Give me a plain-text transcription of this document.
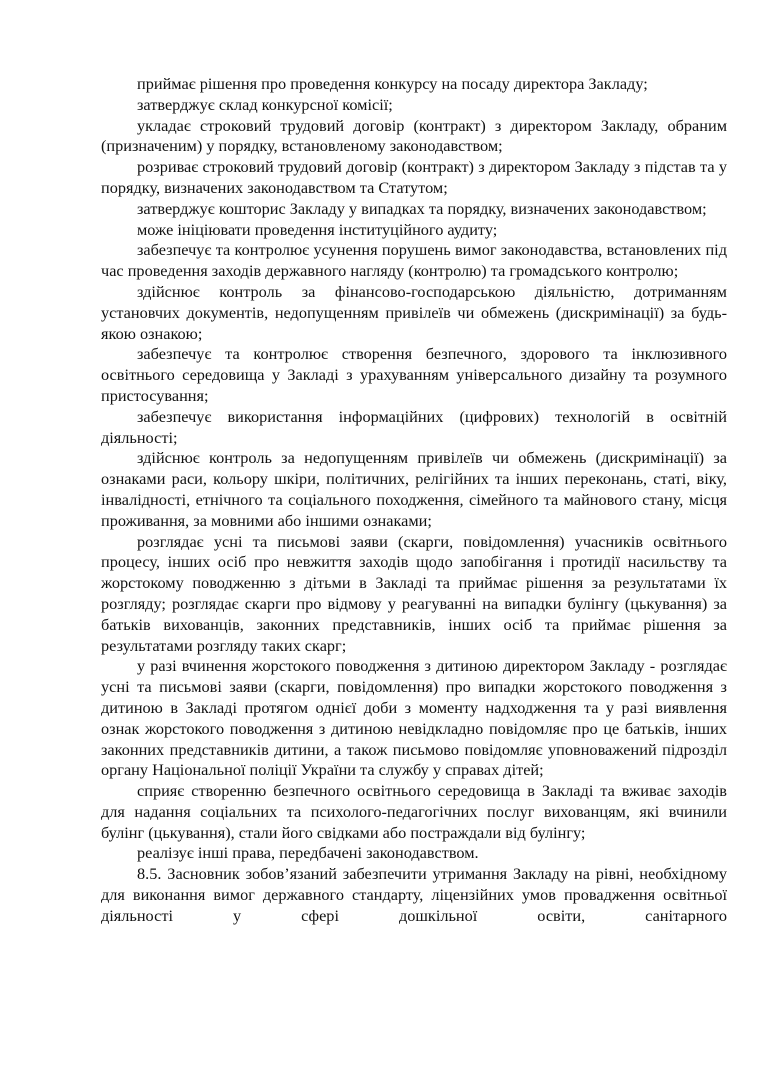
приймає рішення про проведення конкурсу на посаду директора Закладу;

затверджує склад конкурсної комісії;

укладає строковий трудовий договір (контракт) з директором Закладу, обраним (призначеним) у порядку, встановленому законодавством;

розриває строковий трудовий договір (контракт) з директором Закладу з підстав та у порядку, визначених законодавством та Статутом;

затверджує кошторис Закладу у випадках та порядку, визначених законодавством;

може ініціювати проведення інституційного аудиту;

забезпечує та контролює усунення порушень вимог законодавства, встановлених під час проведення заходів державного нагляду (контролю) та громадського контролю;

здійснює контроль за фінансово-господарською діяльністю, дотриманням установчих документів, недопущенням привілеїв чи обмежень (дискримінації) за будь-якою ознакою;

забезпечує та контролює створення безпечного, здорового та інклюзивного освітнього середовища у Закладі з урахуванням універсального дизайну та розумного пристосування;

забезпечує використання інформаційних (цифрових) технологій в освітній діяльності;

здійснює контроль за недопущенням привілеїв чи обмежень (дискримінації) за ознаками раси, кольору шкіри, політичних, релігійних та інших переконань, статі, віку, інвалідності, етнічного та соціального походження, сімейного та майнового стану, місця проживання, за мовними або іншими ознаками;

розглядає усні та письмові заяви (скарги, повідомлення) учасників освітнього процесу, інших осіб про невжиття заходів щодо запобігання і протидії насильству та жорстокому поводженню з дітьми в Закладі та приймає рішення за результатами їх розгляду; розглядає скарги про відмову у реагуванні на випадки булінгу (цькування) за батьків вихованців, законних представників, інших осіб та приймає рішення за результатами розгляду таких скарг;

у разі вчинення жорстокого поводження з дитиною директором Закладу - розглядає усні та письмові заяви (скарги, повідомлення) про випадки жорстокого поводження з дитиною в Закладі протягом однієї доби з моменту надходження та у разі виявлення ознак жорстокого поводження з дитиною невідкладно повідомляє про це батьків, інших законних представників дитини, а також письмово повідомляє уповноважений підрозділ органу Національної поліції України та службу у справах дітей;

сприяє створенню безпечного освітнього середовища в Закладі та вживає заходів для надання соціальних та психолого-педагогічних послуг вихованцям, які вчинили булінг (цькування), стали його свідками або постраждали від булінгу;

реалізує інші права, передбачені законодавством.

8.5. Засновник зобов’язаний забезпечити утримання Закладу на рівні, необхідному для виконання вимог державного стандарту, ліцензійних умов провадження освітньої діяльності у сфері дошкільної освіти, санітарного
